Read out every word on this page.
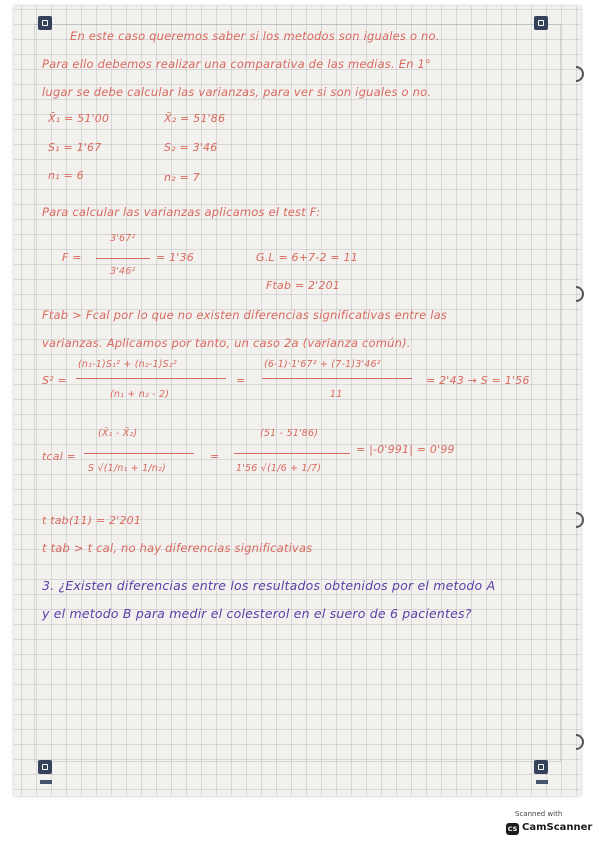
En este caso queremos saber si los metodos son iguales o no.

Para ello debemos realizar una comparativa de las medias. En 1°

lugar se debe calcular las varianzas, para ver si son iguales o no.

X̄₁ = 51'00	X̄₂ = 51'86

S₁ = 1'67	S₂ = 3'46

n₁ = 6	n₂ = 7

Para calcular las varianzas aplicamos el test F:

3'67²

F =	= 1'36

3'46²

G.L = 6+7-2 = 11

Ftab = 2'201

Ftab > Fcal por lo que no existen diferencias significativas entre las

varianzas. Aplicamos por tanto, un caso 2a (varianza común).

S² =

(n₁-1)S₁² + (n₂-1)S₂²

(n₁ + n₂ - 2)

=

(6-1)·1'67² + (7-1)3'46²

11

= 2'43 → S = 1'56

tcal =

(X̄₁ - X̄₂)

S √(1/n₁ + 1/n₂)

=

(51 - 51'86)

1'56 √(1/6 + 1/7)

= |-0'991| = 0'99

t tab(11) = 2'201

t tab > t cal, no hay diferencias significativas

3. ¿Existen diferencias entre los resultados obtenidos por el metodo A

y el metodo B para medir el colesterol en el suero de 6 pacientes?

Scanned with
CS CamScanner
